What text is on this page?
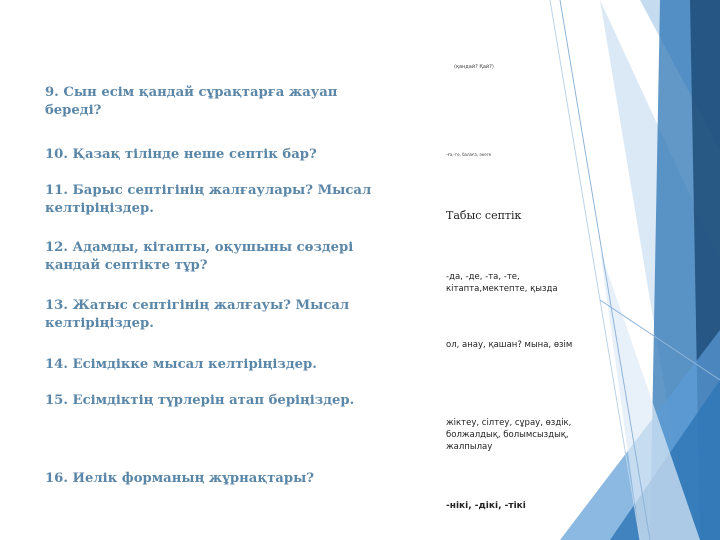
9. Сын есім қандай сұрақтарға жауап береді?
10. Қазақ тілінде неше септік бар?
11. Барыс септігінің жалғаулары? Мысал келтіріңіздер.
12. Адамды, кітапты, оқушыны сөздері қандай септікте тұр?
13. Жатыс септігінің жалғауы? Мысал келтіріңіздер.
14. Есімдікке мысал келтіріңіздер.
15. Есімдіктің түрлерін атап беріңіздер.
16. Иелік форманың жұрнақтары?
(қандай? Қай?)
-ға,-ге, балаға, әкеге
Табыс септік
-да, -де, -та, -те, кітапта,мектепте, қызда
ол, анау, қашан? мына, өзім
жіктеу, сілтеу, сұрау, өздік, болжалдық, болымсыздық, жалпылау
-нікі, -дікі, -тікі
